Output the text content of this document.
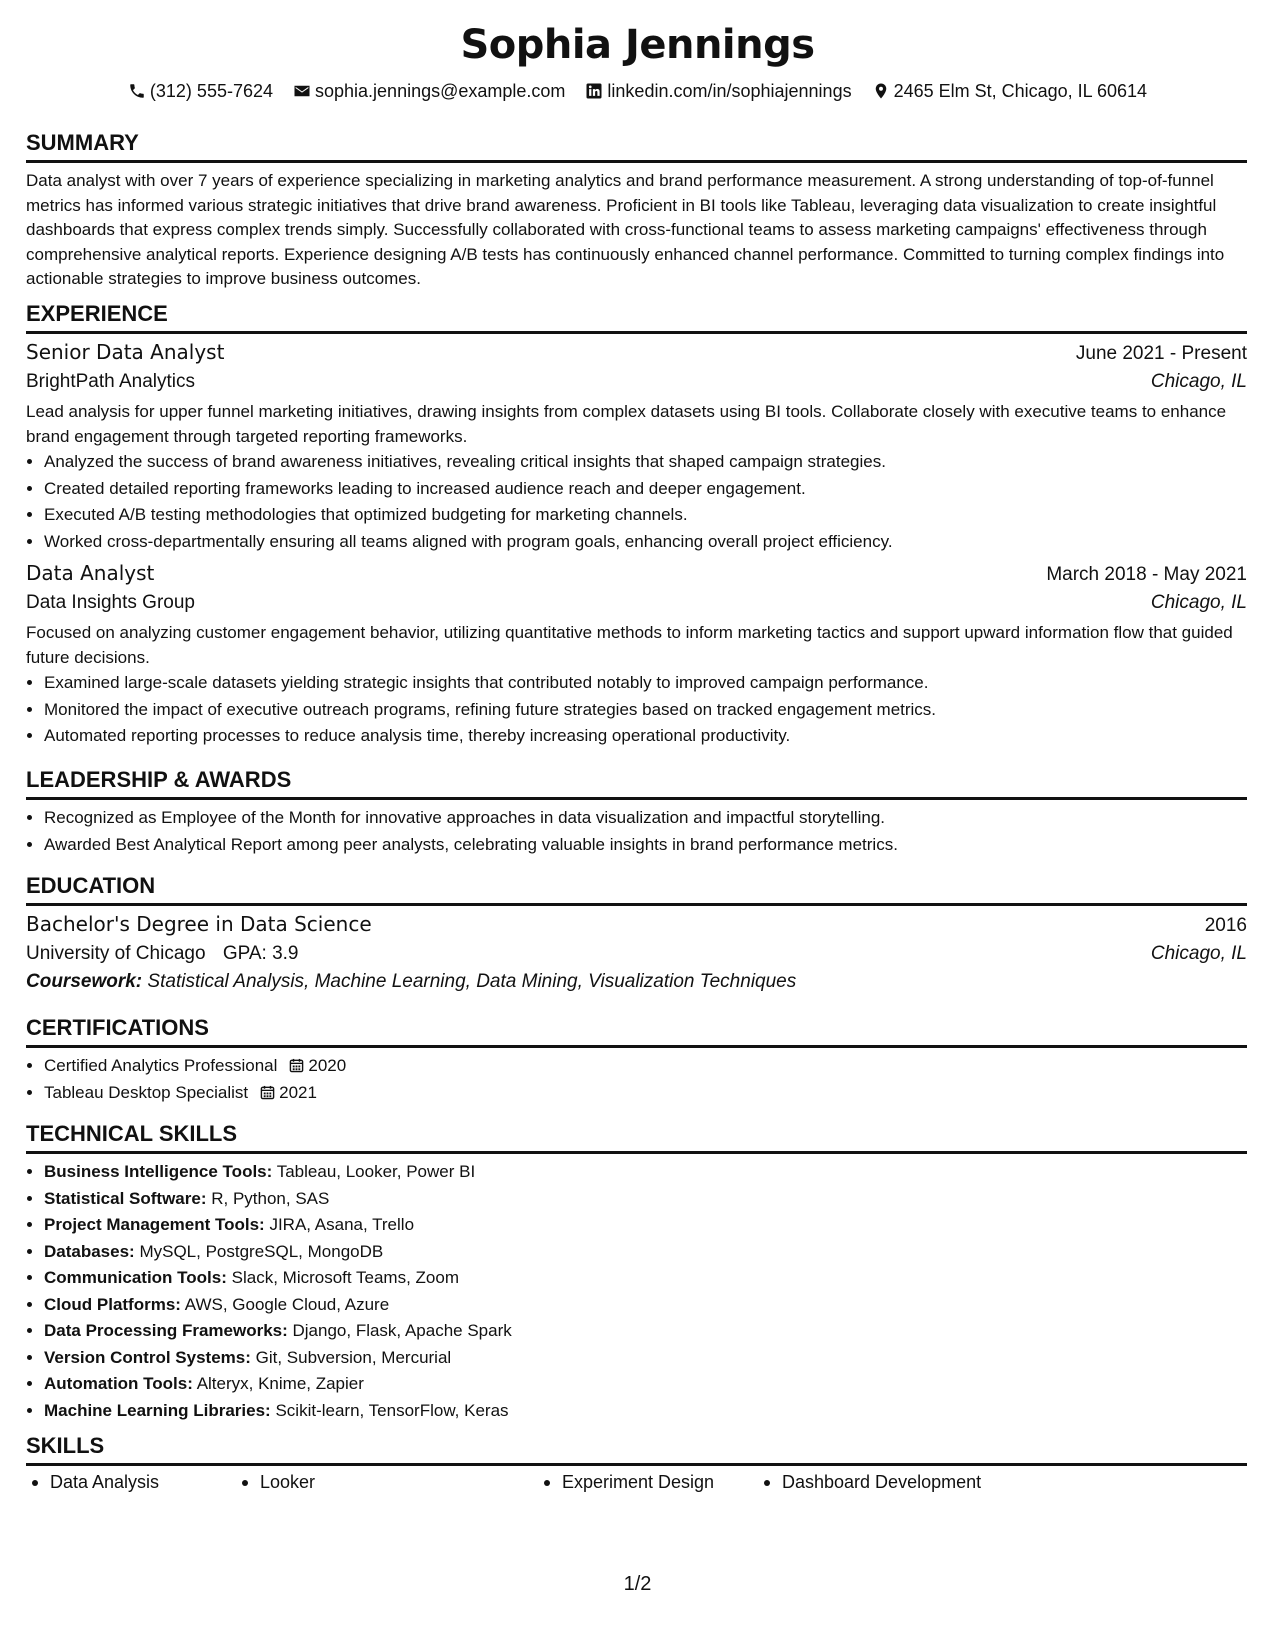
Sophia Jennings
(312) 555-7624 sophia.jennings@example.com linkedin.com/in/sophiajennings 2465 Elm St, Chicago, IL 60614
SUMMARY

Data analyst with over 7 years of experience specializing in marketing analytics and brand performance measurement. A strong understanding of top-of-funnel metrics has informed various strategic initiatives that drive brand awareness. Proficient in BI tools like Tableau, leveraging data visualization to create insightful dashboards that express complex trends simply. Successfully collaborated with cross-functional teams to assess marketing campaigns' effectiveness through comprehensive analytical reports. Experience designing A/B tests has continuously enhanced channel performance. Committed to turning complex findings into actionable strategies to improve business outcomes.

EXPERIENCE
Senior Data Analyst	June 2021 - Present
BrightPath Analytics	Chicago, IL

Lead analysis for upper funnel marketing initiatives, drawing insights from complex datasets using BI tools. Collaborate closely with executive teams to enhance brand engagement through targeted reporting frameworks.

• Analyzed the success of brand awareness initiatives, revealing critical insights that shaped campaign strategies.
• Created detailed reporting frameworks leading to increased audience reach and deeper engagement.
• Executed A/B testing methodologies that optimized budgeting for marketing channels.
• Worked cross-departmentally ensuring all teams aligned with program goals, enhancing overall project efficiency.
Data Analyst	March 2018 - May 2021
Data Insights Group	Chicago, IL

Focused on analyzing customer engagement behavior, utilizing quantitative methods to inform marketing tactics and support upward information flow that guided future decisions.

• Examined large-scale datasets yielding strategic insights that contributed notably to improved campaign performance.
• Monitored the impact of executive outreach programs, refining future strategies based on tracked engagement metrics.
• Automated reporting processes to reduce analysis time, thereby increasing operational productivity.
LEADERSHIP & AWARDS
• Recognized as Employee of the Month for innovative approaches in data visualization and impactful storytelling.
• Awarded Best Analytical Report among peer analysts, celebrating valuable insights in brand performance metrics.
EDUCATION
Bachelor's Degree in Data Science	2016
University of Chicago GPA: 3.9	Chicago, IL
Coursework: Statistical Analysis, Machine Learning, Data Mining, Visualization Techniques
CERTIFICATIONS
• Certified Analytics Professional 2020
• Tableau Desktop Specialist 2021
TECHNICAL SKILLS
• Business Intelligence Tools: Tableau, Looker, Power BI
• Statistical Software: R, Python, SAS
• Project Management Tools: JIRA, Asana, Trello
• Databases: MySQL, PostgreSQL, MongoDB
• Communication Tools: Slack, Microsoft Teams, Zoom
• Cloud Platforms: AWS, Google Cloud, Azure
• Data Processing Frameworks: Django, Flask, Apache Spark
• Version Control Systems: Git, Subversion, Mercurial
• Automation Tools: Alteryx, Knime, Zapier
• Machine Learning Libraries: Scikit-learn, TensorFlow, Keras
SKILLS
Data Analysis	Looker	Experiment Design	Dashboard Development
1/2
